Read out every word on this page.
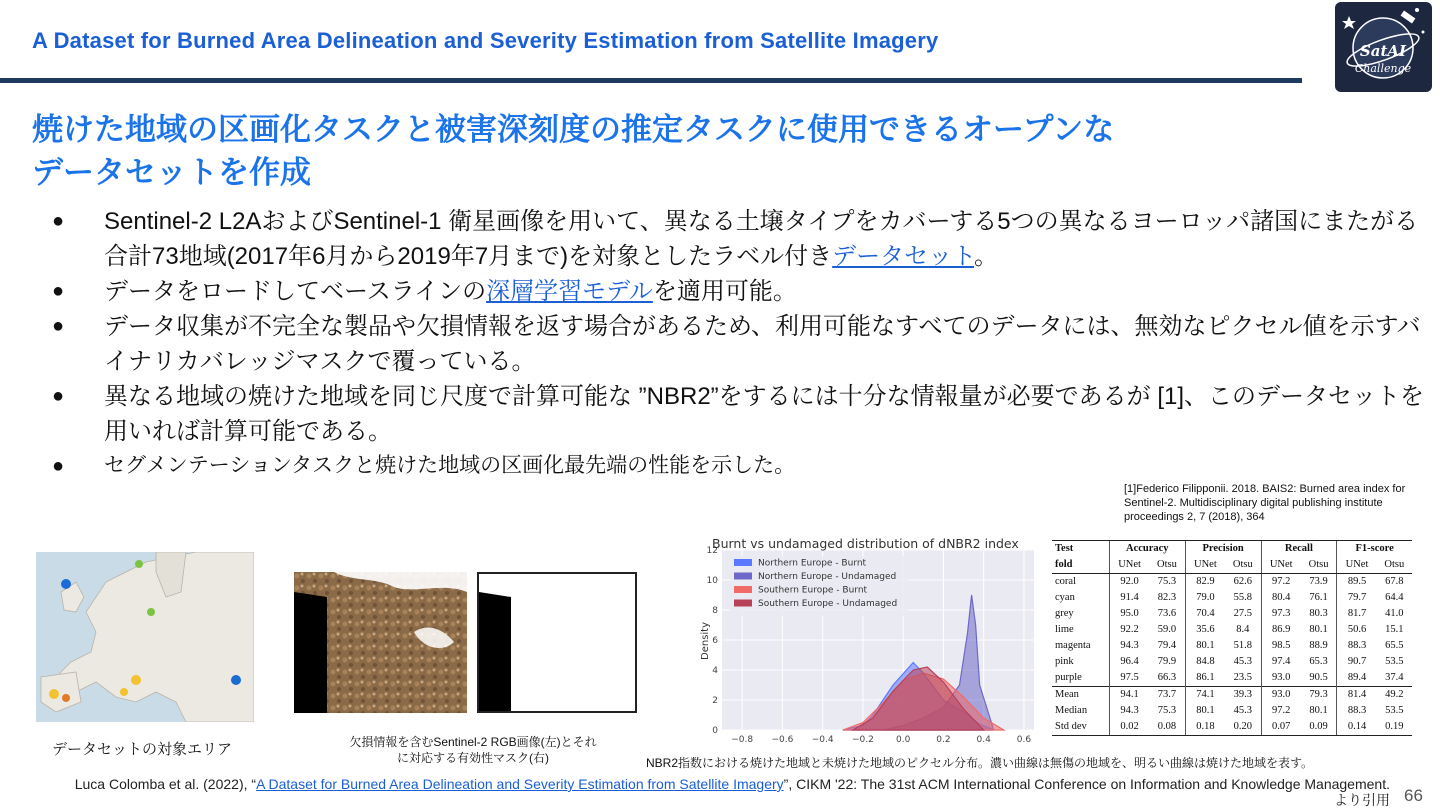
A Dataset for Burned Area Delineation and Severity Estimation from Satellite Imagery	SatAI
Challenge
焼けた地域の区画化タスクと被害深刻度の推定タスクに使用できるオープンな
データセットを作成
● Sentinel-2 L2AおよびSentinel-1 衛星画像を用いて、異なる土壌タイプをカバーする5つの異なるヨーロッパ諸国にまたがる合計73地域(2017年6月から2019年7月まで)を対象としたラベル付きデータセット。
● データをロードしてベースラインの深層学習モデルを適用可能。
● データ収集が不完全な製品や欠損情報を返す場合があるため、利用可能なすべてのデータには、無効なピクセル値を示すバイナリカバレッジマスクで覆っている。
● 異なる地域の焼けた地域を同じ尺度で計算可能な ”NBR2”をするには十分な情報量が必要であるが [1]、このデータセットを用いれば計算可能である。
● セグメンテーションタスクと焼けた地域の区画化最先端の性能を示した。
[1]Federico Filipponii. 2018. BAIS2: Burned area index for Sentinel-2. Multidisciplinary digital publishing institute proceedings 2, 7 (2018), 364
データセットの対象エリア	欠損情報を含むSentinel-2 RGB画像(左)とそれ
に対応する有効性マスク(右)
−0.8 −0.6 −0.4 −0.2 0.0	0.2	0.4	0.6
0
2
4
6
8
10
12
Burnt vs undamaged distribution of dNBR2 index
Density
Northern Europe - Burnt
Northern Europe - Undamaged
Southern Europe - Burnt
Southern Europe - Undamaged
NBR2指数における焼けた地域と未焼けた地域のピクセル分布。濃い曲線は無傷の地域を、明るい曲線は焼けた地域を表す。
Test	Accuracy		Precision		Recall		F1-score	
fold	UNet	Otsu	UNet	Otsu	UNet	Otsu	UNet	Otsu
coral	92.0	75.3	82.9	62.6	97.2	73.9	89.5	67.8
cyan	91.4	82.3	79.0	55.8	80.4	76.1	79.7	64.4
grey	95.0	73.6	70.4	27.5	97.3	80.3	81.7	41.0
lime	92.2	59.0	35.6	8.4	86.9	80.1	50.6	15.1
magenta	94.3	79.4	80.1	51.8	98.5	88.9	88.3	65.5
pink	96.4	79.9	84.8	45.3	97.4	65.3	90.7	53.5
purple	97.5	66.3	86.1	23.5	93.0	90.5	89.4	37.4
Mean	94.1	73.7	74.1	39.3	93.0	79.3	81.4	49.2
Median	94.3	75.3	80.1	45.3	97.2	80.1	88.3	53.5
Std dev	0.02	0.08	0.18	0.20	0.07	0.09	0.14	0.19
Luca Colomba et al. (2022), “A Dataset for Burned Area Delineation and Severity Estimation from Satellite Imagery”, CIKM '22: The 31st ACM International Conference on Information and Knowledge Management. より引用 66
